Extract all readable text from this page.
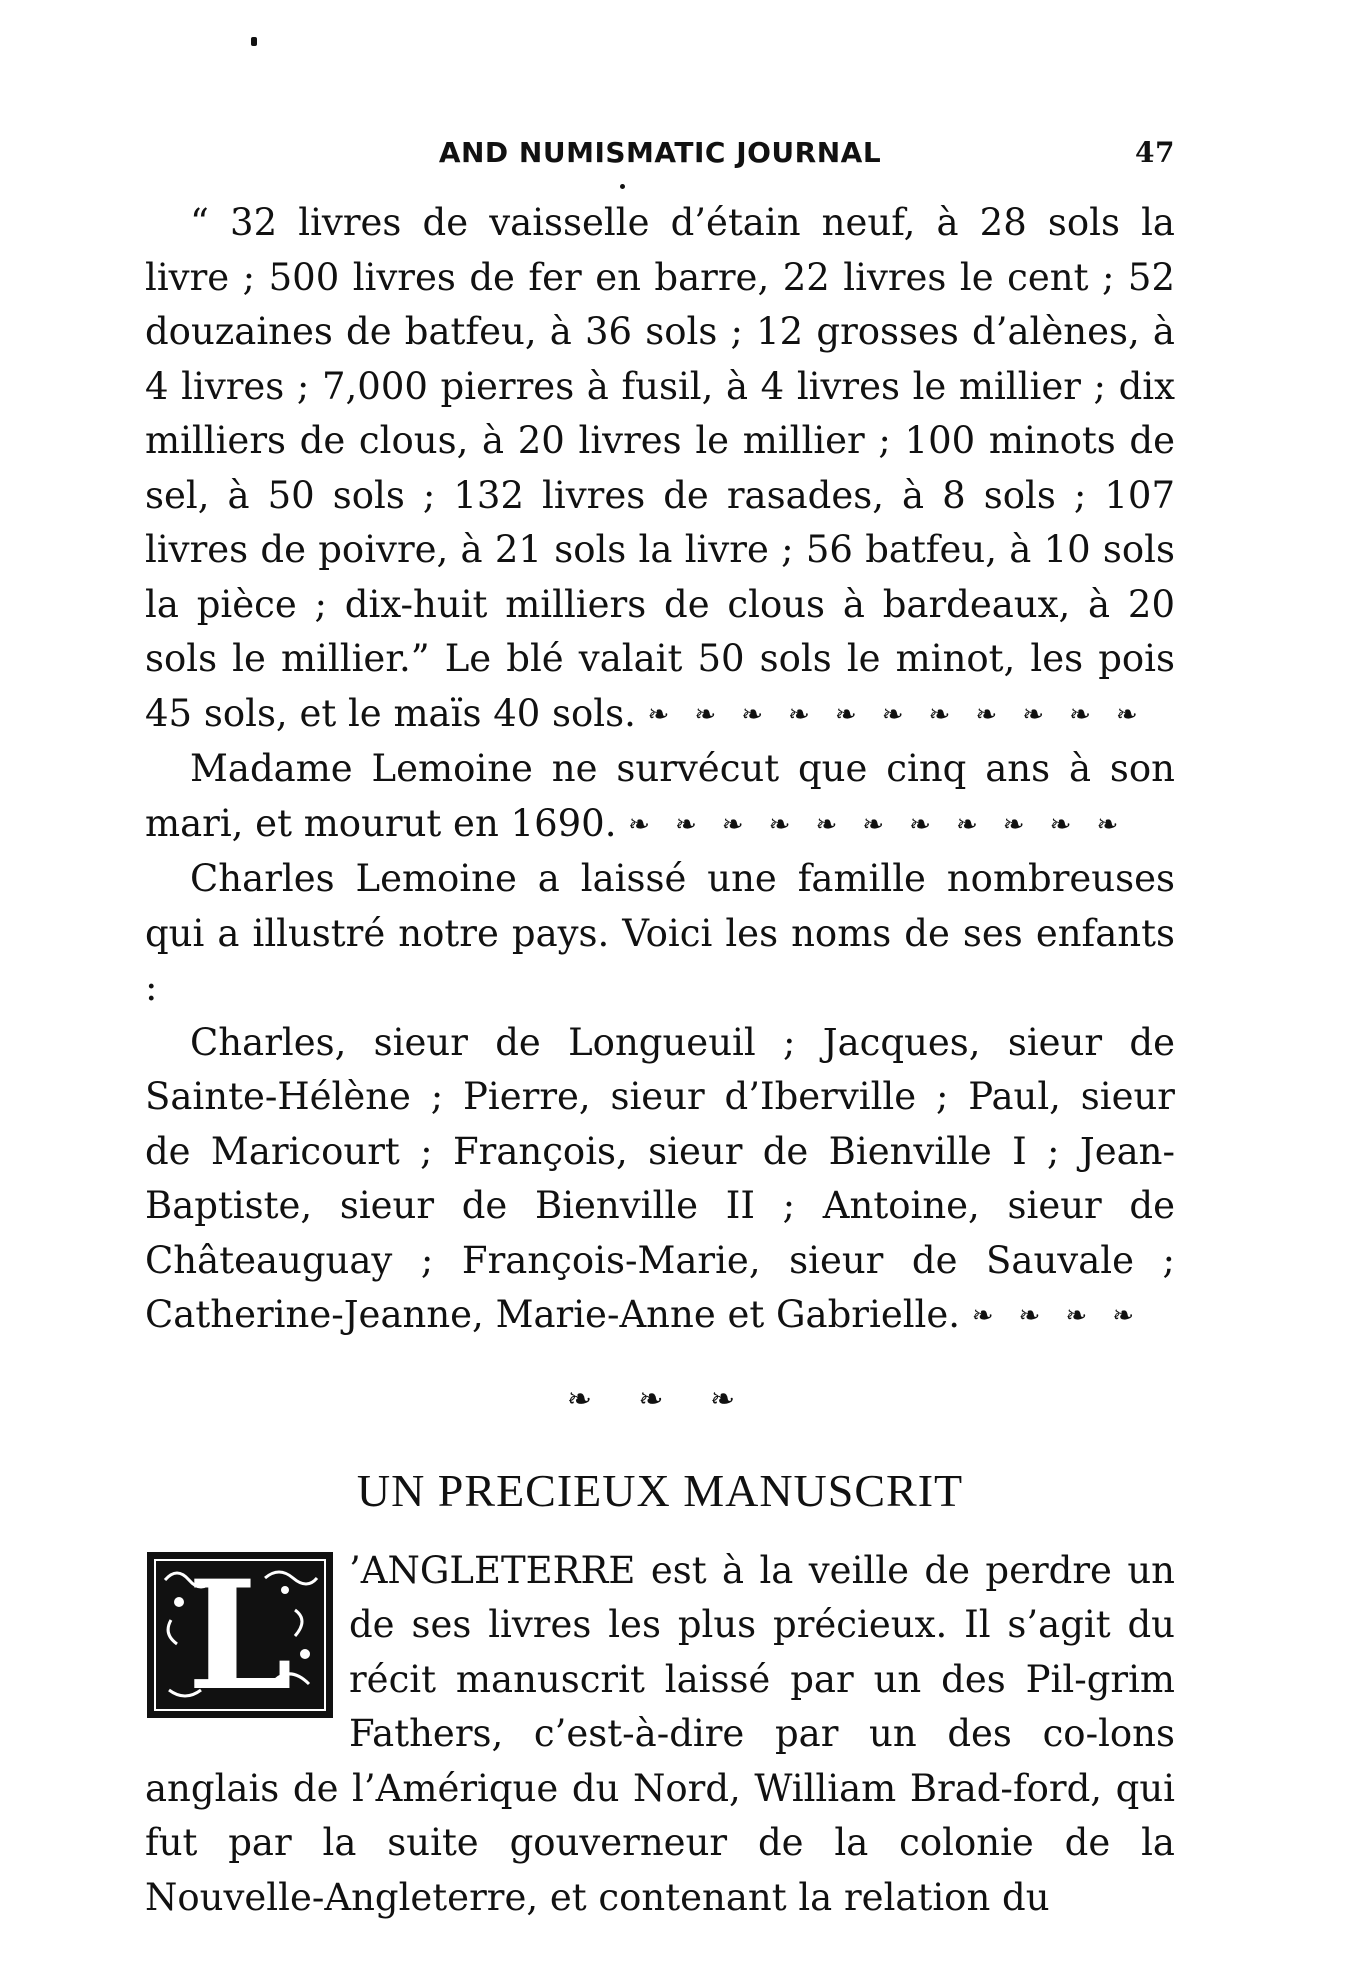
AND NUMISMATIC JOURNAL	47

“ 32 livres de vaisselle d’étain neuf, à 28 sols la livre ; 500 livres de fer en barre, 22 livres le cent ; 52 douzaines de batfeu, à 36 sols ; 12 grosses d’alènes, à 4 livres ; 7,000 pierres à fusil, à 4 livres le millier ; dix milliers de clous, à 20 livres le millier ; 100 minots de sel, à 50 sols ; 132 livres de rasades, à 8 sols ; 107 livres de poivre, à 21 sols la livre ; 56 batfeu, à 10 sols la pièce ; dix-huit milliers de clous à bardeaux, à 20 sols le millier.” Le blé valait 50 sols le minot, les pois 45 sols, et le maïs 40 sols. ❧ ❧ ❧ ❧ ❧ ❧ ❧ ❧ ❧ ❧ ❧

Madame Lemoine ne survécut que cinq ans à son mari, et mourut en 1690. ❧ ❧ ❧ ❧ ❧ ❧ ❧ ❧ ❧ ❧ ❧

Charles Lemoine a laissé une famille nombreuses qui a illustré notre pays. Voici les noms de ses enfants :

Charles, sieur de Longueuil ; Jacques, sieur de Sainte-Hélène ; Pierre, sieur d’Iberville ; Paul, sieur de Maricourt ; François, sieur de Bienville I ; Jean-Baptiste, sieur de Bienville II ; Antoine, sieur de Châteauguay ; François-Marie, sieur de Sauvale ; Catherine-Jeanne, Marie-Anne et Gabrielle. ❧ ❧ ❧ ❧

❧ ❧ ❧
UN PRECIEUX MANUSCRIT
L ’ANGLETERRE est à la veille de perdre un de ses livres les plus précieux. Il s’agit du récit manuscrit laissé par un des Pil-grim Fathers, c’est-à-dire par un des co-lons anglais de l’Amérique du Nord, William Brad-ford, qui fut par la suite gouverneur de la colonie de la Nouvelle-Angleterre, et contenant la relation du
